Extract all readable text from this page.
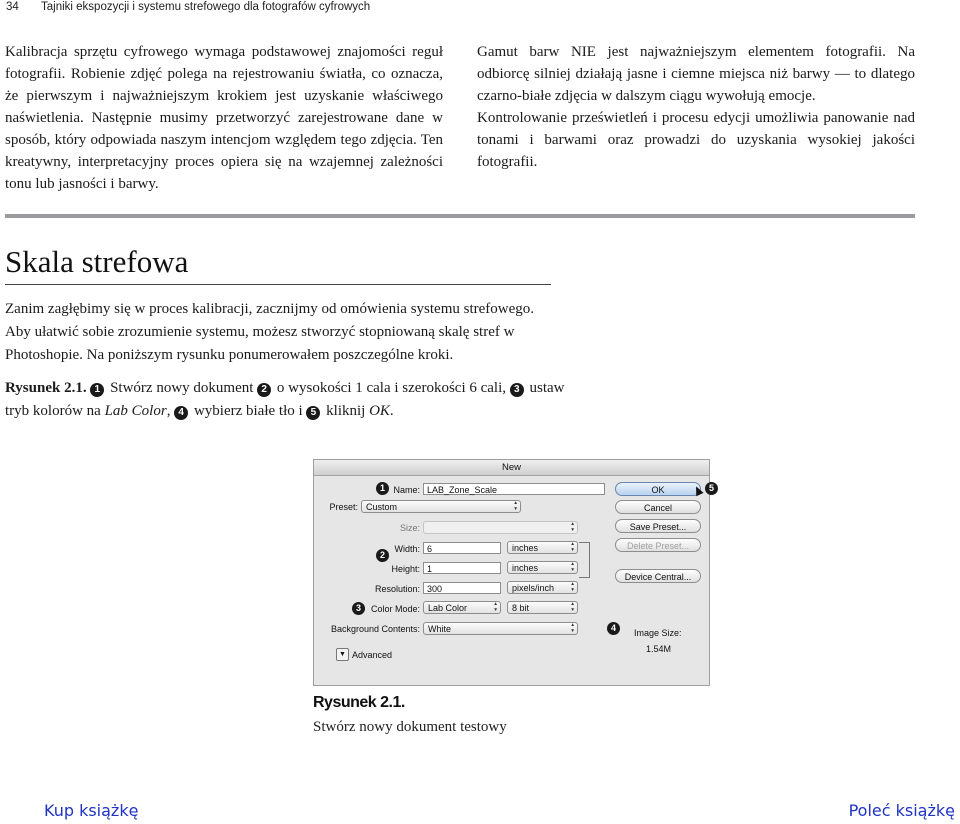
34 Tajniki ekspozycji i systemu strefowego dla fotografów cyfrowych

Kalibracja sprzętu cyfrowego wymaga podstawowej znajomości reguł fotografii. Robienie zdjęć polega na rejestrowaniu światła, co oznacza, że pierwszym i najważniejszym krokiem jest uzyskanie właściwego naświetlenia. Następnie musimy przetworzyć zarejestrowane dane w sposób, który odpowiada naszym intencjom względem tego zdjęcia. Ten kreatywny, interpretacyjny proces opiera się na wzajemnej zależności tonu lub jasności i barwy.

Gamut barw NIE jest najważniejszym elementem fotografii. Na odbiorcę silniej działają jasne i ciemne miejsca niż barwy — to dlatego czarno-białe zdjęcia w dalszym ciągu wywołują emocje.

Kontrolowanie prześwietleń i procesu edycji umożliwia panowanie nad tonami i barwami oraz prowadzi do uzyskania wysokiej jakości fotografii.

Skala strefowa

Zanim zagłębimy się w proces kalibracji, zacznijmy od omówienia systemu strefowego. Aby ułatwić sobie zrozumienie systemu, możesz stworzyć stopniowaną skalę stref w Photoshopie. Na poniższym rysunku ponumerowałem poszczególne kroki.

Rysunek 2.1. 1 Stwórz nowy dokument 2 o wysokości 1 cala i szerokości 6 cali, 3 ustaw tryb kolorów na Lab Color, 4 wybierz białe tło i 5 kliknij OK.

New
1 Name: LAB_Zone_Scale
Preset: Custom ▴ ▾
Size:
▴ ▾
2
Width: 6	inches ▴ ▾
Height: 1	inches ▴ ▾
Resolution: 300	pixels/inch ▴ ▾
3	Color Mode: Lab Color ▴ ▾	8 bit ▴ ▾
Background Contents: White ▴ ▾
▼ Advanced
OK	5
Cancel
Save Preset...
Delete Preset...
Device Central...
4	Image Size:
1.54M
Rysunek 2.1.
Stwórz nowy dokument testowy
Kup książkę	Poleć książkę
